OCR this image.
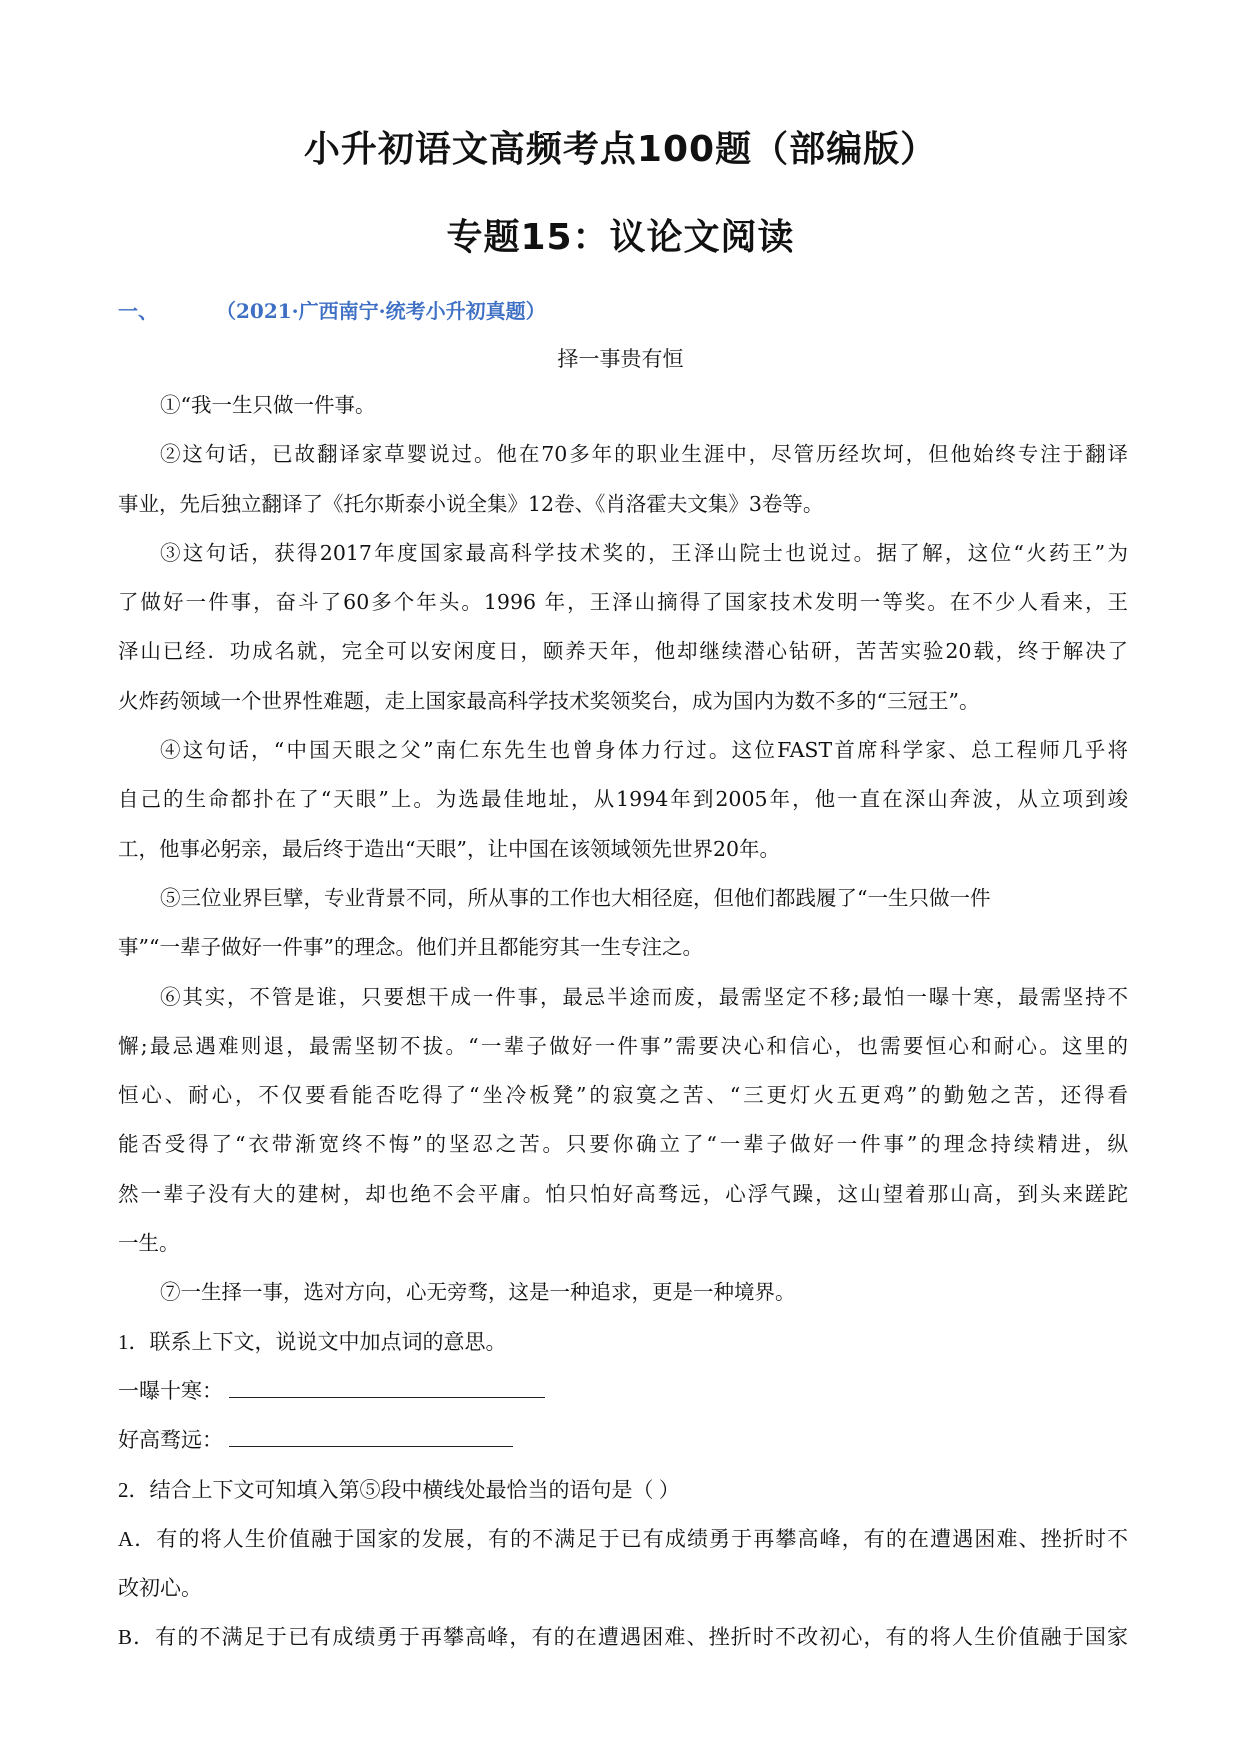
小升初语文高频考点100题（部编版）
专题15：议论文阅读
一、	（2021·广西南宁·统考小升初真题）
择一事贵有恒
①“我一生只做一件事。
②这句话，已故翻译家草婴说过。他在70多年的职业生涯中，尽管历经坎坷，但他始终专注于翻译
事业，先后独立翻译了《托尔斯泰小说全集》12卷、《肖洛霍夫文集》3卷等。
③这句话，获得2017年度国家最高科学技术奖的，王泽山院士也说过。据了解，这位“火药王”为
了做好一件事，奋斗了60多个年头。1996 年，王泽山摘得了国家技术发明一等奖。在不少人看来，王
泽山已经．功成名就，完全可以安闲度日，颐养天年，他却继续潜心钻研，苦苦实验20载，终于解决了
火炸药领域一个世界性难题，走上国家最高科学技术奖领奖台，成为国内为数不多的“三冠王”。
④这句话，“中国天眼之父”南仁东先生也曾身体力行过。这位FAST首席科学家、总工程师几乎将
自己的生命都扑在了“天眼”上。为选最佳地址，从1994年到2005年，他一直在深山奔波，从立项到竣
工，他事必躬亲，最后终于造出“天眼”，让中国在该领域领先世界20年。
⑤三位业界巨擘，专业背景不同，所从事的工作也大相径庭，但他们都践履了“一生只做一件
事”“一辈子做好一件事”的理念。他们并且都能穷其一生专注之。
⑥其实，不管是谁，只要想干成一件事，最忌半途而废，最需坚定不移;最怕一曝十寒，最需坚持不
懈;最忌遇难则退，最需坚韧不拔。“一辈子做好一件事”需要决心和信心，也需要恒心和耐心。这里的
恒心、耐心，不仅要看能否吃得了“坐冷板凳”的寂寞之苦、“三更灯火五更鸡”的勤勉之苦，还得看
能否受得了“衣带渐宽终不悔”的坚忍之苦。只要你确立了“一辈子做好一件事”的理念持续精进，纵
然一辈子没有大的建树，却也绝不会平庸。怕只怕好高骛远，心浮气躁，这山望着那山高，到头来蹉跎
一生。
⑦一生择一事，选对方向，心无旁骛，这是一种追求，更是一种境界。
1．联系上下文，说说文中加点词的意思。
一曝十寒：
好高骛远：
2．结合上下文可知填入第⑤段中横线处最恰当的语句是（ ）
A．有的将人生价值融于国家的发展，有的不满足于已有成绩勇于再攀高峰，有的在遭遇困难、挫折时不
改初心。
B．有的不满足于已有成绩勇于再攀高峰，有的在遭遇困难、挫折时不改初心，有的将人生价值融于国家
